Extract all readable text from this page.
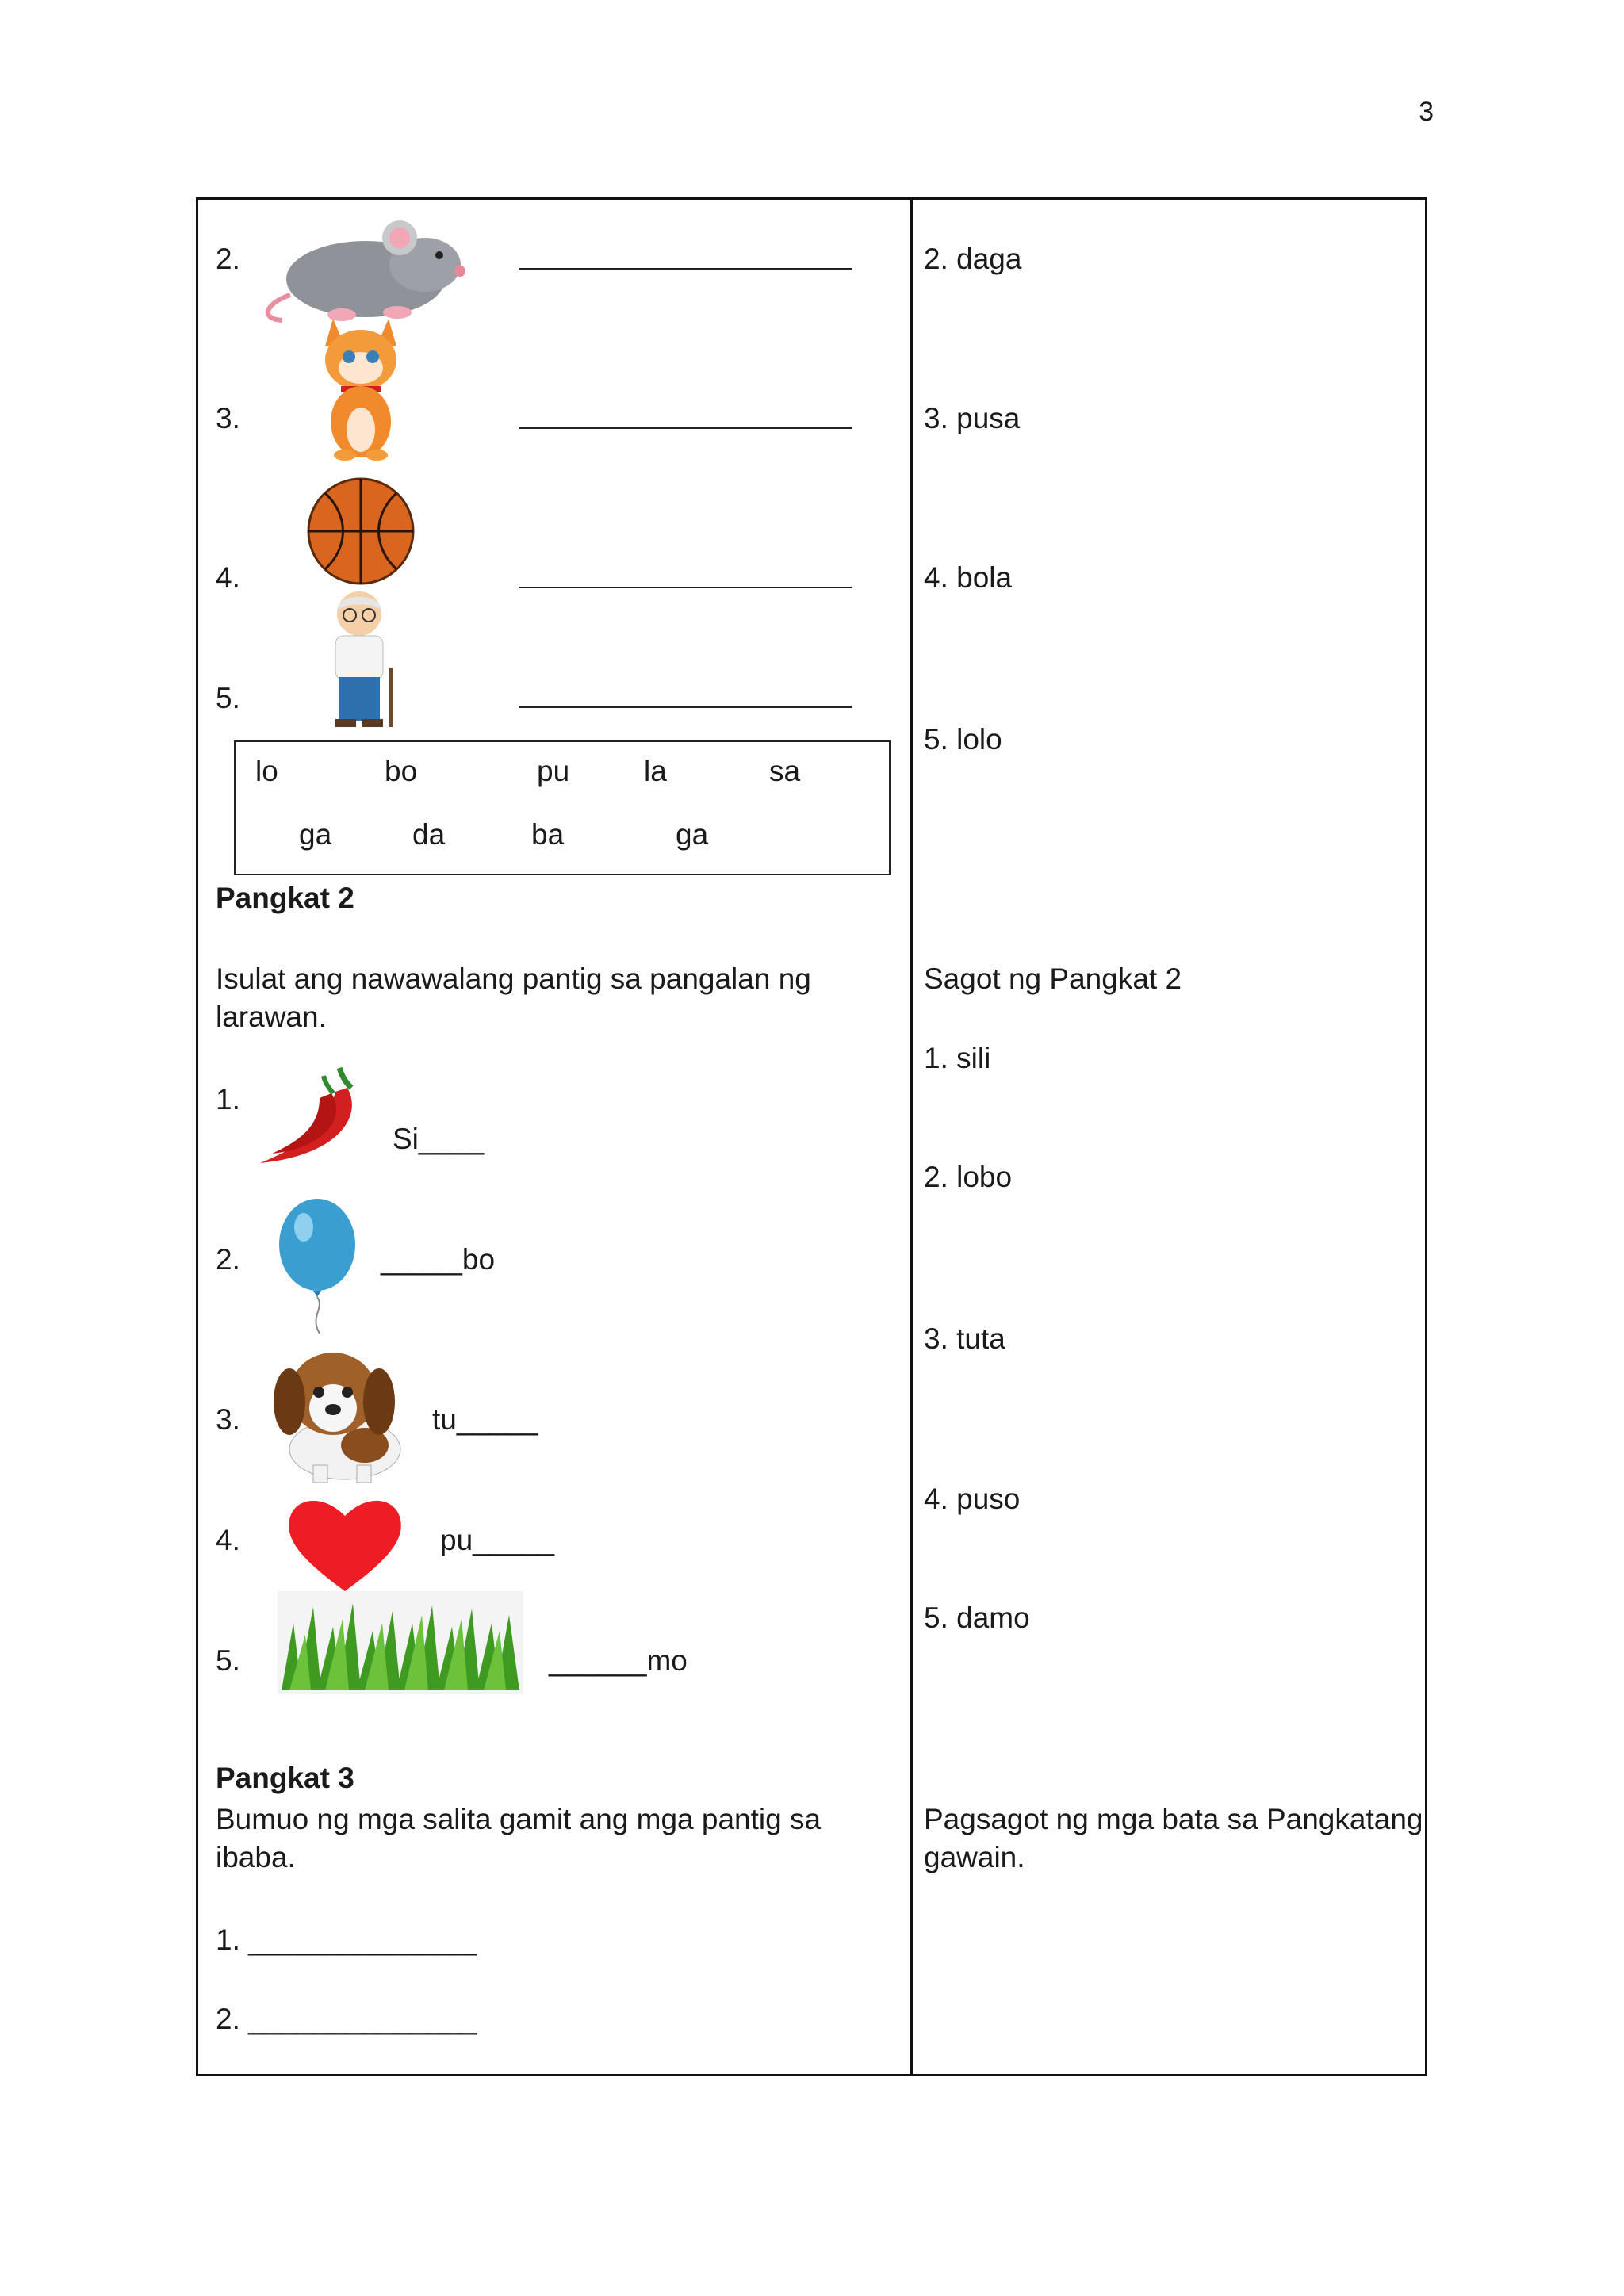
3
2.
3.
4.
5.
lo	bo	pu	la	sa
ga	da	ba	ga
Pangkat 2
Isulat ang nawawalang pantig sa pangalan ng
larawan.
1.
Si____
2.	_____bo
3.	tu_____
4.	pu_____
5.	______mo
Pangkat 3
Bumuo ng mga salita gamit ang mga pantig sa
ibaba.
1. ______________
2. ______________
2. daga
3. pusa
4. bola
5. lolo
Sagot ng Pangkat 2
1. sili
2. lobo
3. tuta
4. puso
5. damo
Pagsagot ng mga bata sa Pangkatang
gawain.
